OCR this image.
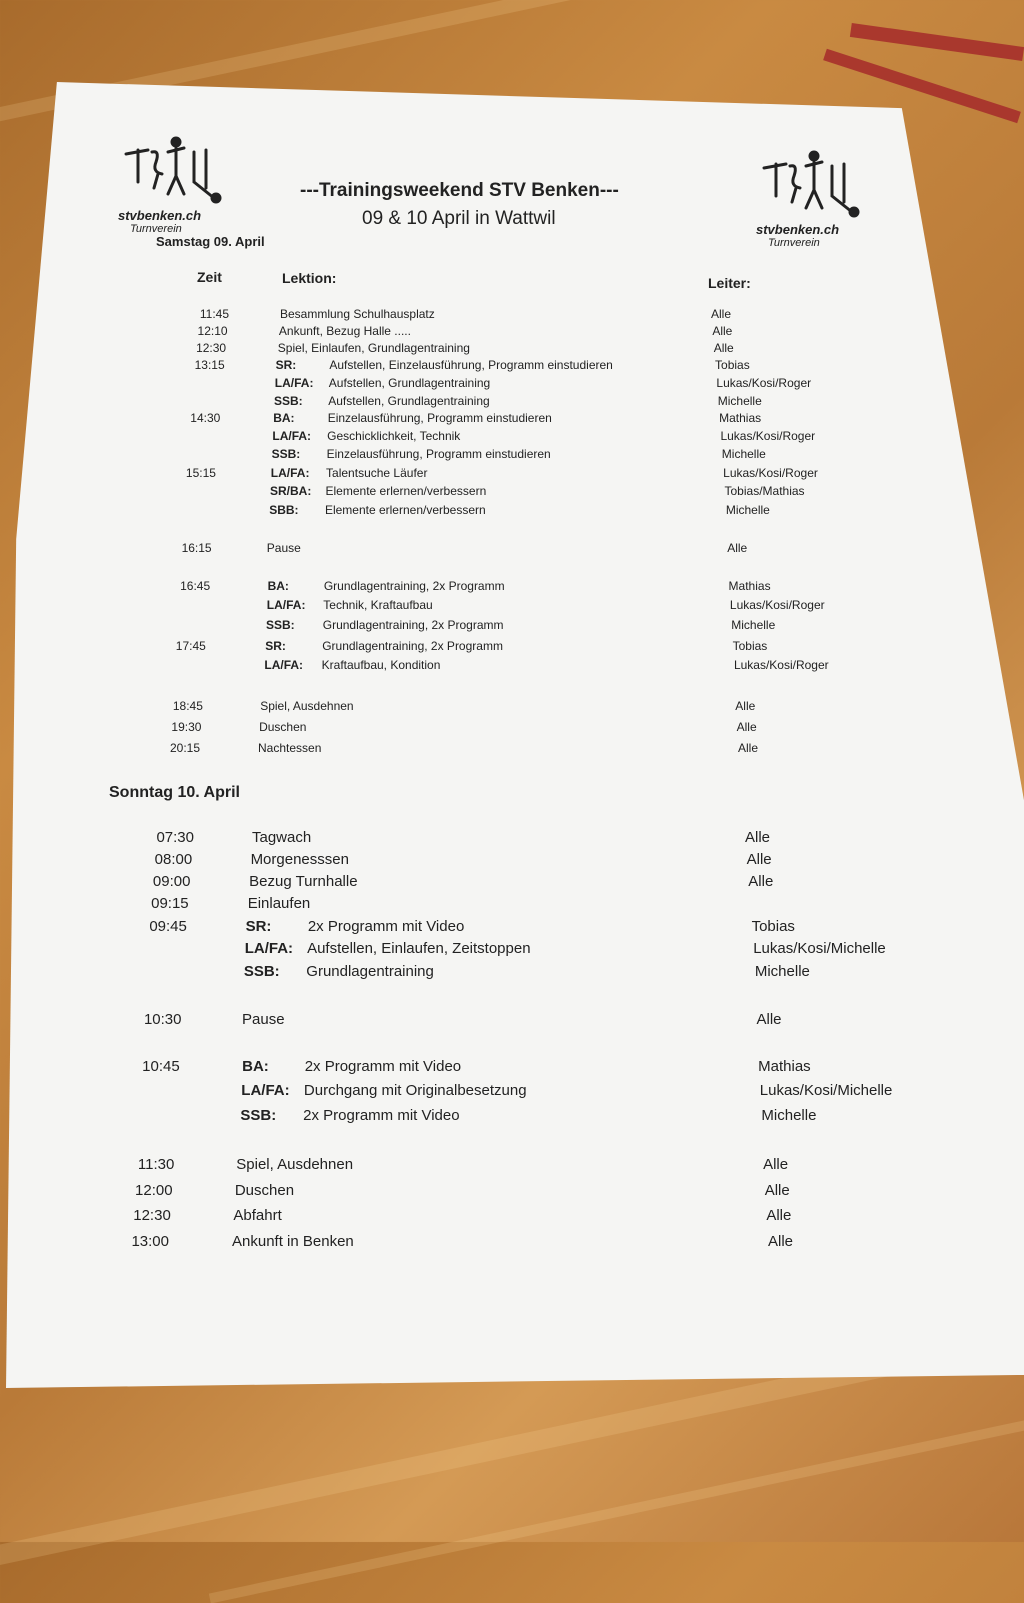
stvbenken.ch
Turnverein	stvbenken.ch
Turnverein
---Trainingsweekend STV Benken---
09 & 10 April in Wattwil
Samstag 09. April
Zeit	Lektion:	Leiter:
11:45	Besammlung Schulhausplatz	Alle
12:10	Ankunft, Bezug Halle .....	Alle
12:30	Spiel, Einlaufen, Grundlagentraining	Alle
13:15	SR:	Aufstellen, Einzelausführung, Programm einstudieren	Tobias
LA/FA: Aufstellen, Grundlagentraining	Lukas/Kosi/Roger
SSB: Aufstellen, Grundlagentraining	Michelle
14:30	BA:	Einzelausführung, Programm einstudieren	Mathias
LA/FA: Geschicklichkeit, Technik	Lukas/Kosi/Roger
SSB: Einzelausführung, Programm einstudieren	Michelle
15:15	LA/FA: Talentsuche Läufer	Lukas/Kosi/Roger
SR/BA: Elemente erlernen/verbessern	Tobias/Mathias
SBB: Elemente erlernen/verbessern	Michelle
16:15	Pause	Alle
16:45	BA:	Grundlagentraining, 2x Programm	Mathias
LA/FA: Technik, Kraftaufbau	Lukas/Kosi/Roger
SSB: Grundlagentraining, 2x Programm	Michelle
17:45	SR:	Grundlagentraining, 2x Programm	Tobias
LA/FA: Kraftaufbau, Kondition	Lukas/Kosi/Roger
18:45	Spiel, Ausdehnen	Alle
19:30	Duschen	Alle
20:15	Nachtessen	Alle
Sonntag 10. April
07:30	Tagwach	Alle
08:00	Morgenesssen	Alle
09:00	Bezug Turnhalle	Alle
09:15	Einlaufen
09:45	SR: 2x Programm mit Video	Tobias
LA/FA: Aufstellen, Einlaufen, Zeitstoppen	Lukas/Kosi/Michelle
SSB: Grundlagentraining	Michelle
10:30	Pause	Alle
10:45	BA: 2x Programm mit Video	Mathias
LA/FA: Durchgang mit Originalbesetzung	Lukas/Kosi/Michelle
SSB: 2x Programm mit Video	Michelle
11:30	Spiel, Ausdehnen	Alle
12:00	Duschen	Alle
12:30	Abfahrt	Alle
13:00	Ankunft in Benken	Alle
